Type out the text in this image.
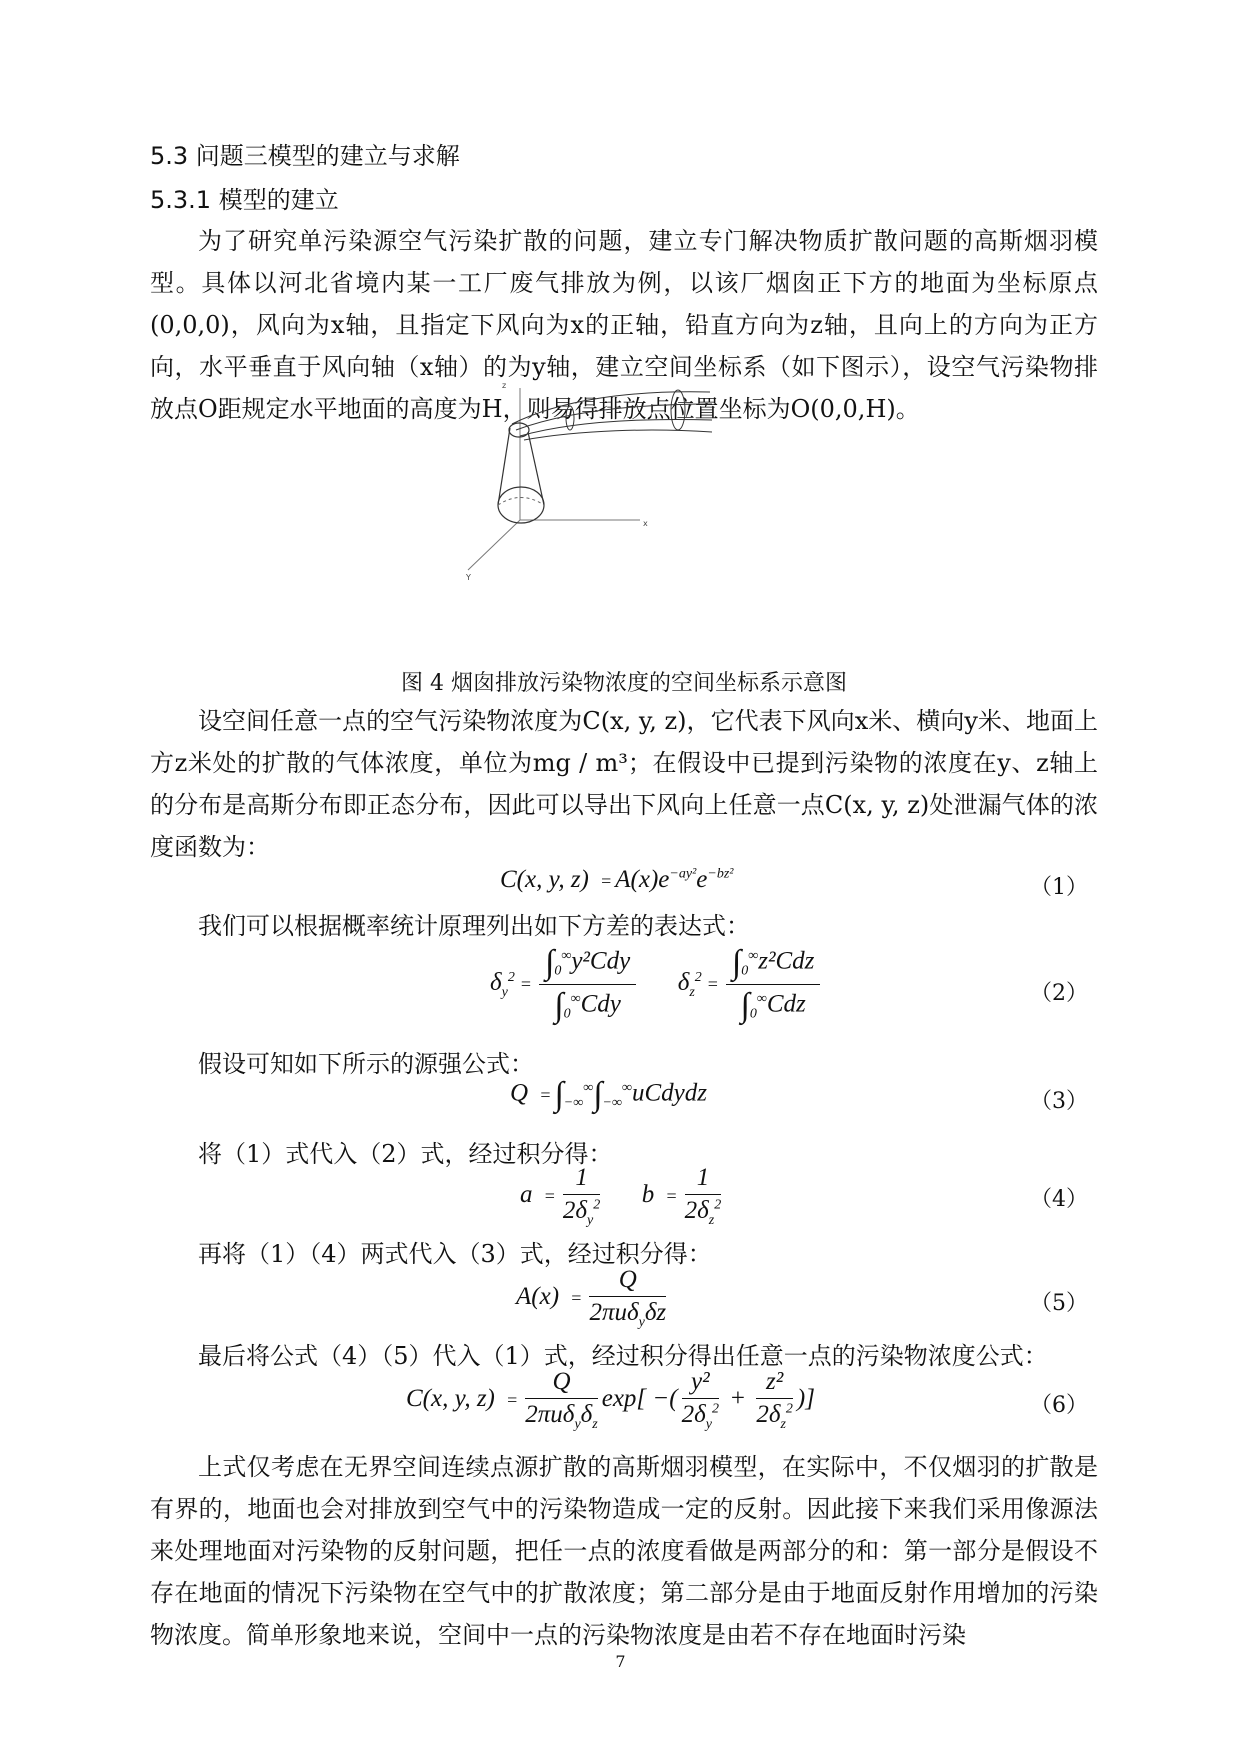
5.3 问题三模型的建立与求解
5.3.1 模型的建立

为了研究单污染源空气污染扩散的问题，建立专门解决物质扩散问题的高斯烟羽模型。具体以河北省境内某一工厂废气排放为例，以该厂烟囱正下方的地面为坐标原点(0,0,0)，风向为x轴，且指定下风向为x的正轴，铅直方向为z轴，且向上的方向为正方向，水平垂直于风向轴（x轴）的为y轴，建立空间坐标系（如下图示），设空气污染物排放点O距规定水平地面的高度为H，则易得排放点位置坐标为O(0,0,H)。

z
x
Y
图 4 烟囱排放污染物浓度的空间坐标系示意图

设空间任意一点的空气污染物浓度为C(x, y, z)，它代表下风向x米、横向y米、地面上方z米处的扩散的气体浓度，单位为mg / m³；在假设中已提到污染物的浓度在y、z轴上的分布是高斯分布即正态分布，因此可以导出下风向上任意一点C(x, y, z)处泄漏气体的浓度函数为：

C(x, y, $z) = A(x)e^{-ay^2}e^{-bz^2}$
（1）
我们可以根据概率统计原理列出如下方差的表达式：
$\delta_y^2 = \frac{\int_0^\infty y^2Cdy}{\int_0^\infty Cdy} \delta_z^2 = \frac{\int_0^\infty z^2Cdz}{\int_0^\infty Cdz}$	（2）
假设可知如下所示的源强公式：
$Q = \int_{-\infty}^\infty\int_{-\infty}^\infty uCdydz$	（3）
将（1）式代入（2）式，经过积分得：
$a = \frac{1}{2\delta_y^2}$ $b = \frac{1}{2\delta_z^2}$	（4）
再将（1）（4）两式代入（3）式，经过积分得：
$A(x) = \frac{Q}{2\pi u\delta_y\delta z}$	（5）
最后将公式（4）（5）代入（1）式，经过积分得出任意一点的污染物浓度公式：
C(x, y, $z) = \frac{Q}{2\pi u\delta_y\delta_z} \exp$[ −( $\frac{\text{y²}}{2\delta_y^2} + \frac{\text{z²}}{2\delta_z^2}$ )]	（6）

上式仅考虑在无界空间连续点源扩散的高斯烟羽模型，在实际中，不仅烟羽的扩散是有界的，地面也会对排放到空气中的污染物造成一定的反射。因此接下来我们采用像源法来处理地面对污染物的反射问题，把任一点的浓度看做是两部分的和：第一部分是假设不存在地面的情况下污染物在空气中的扩散浓度；第二部分是由于地面反射作用增加的污染物浓度。简单形象地来说，空间中一点的污染物浓度是由若不存在地面时污染

7
